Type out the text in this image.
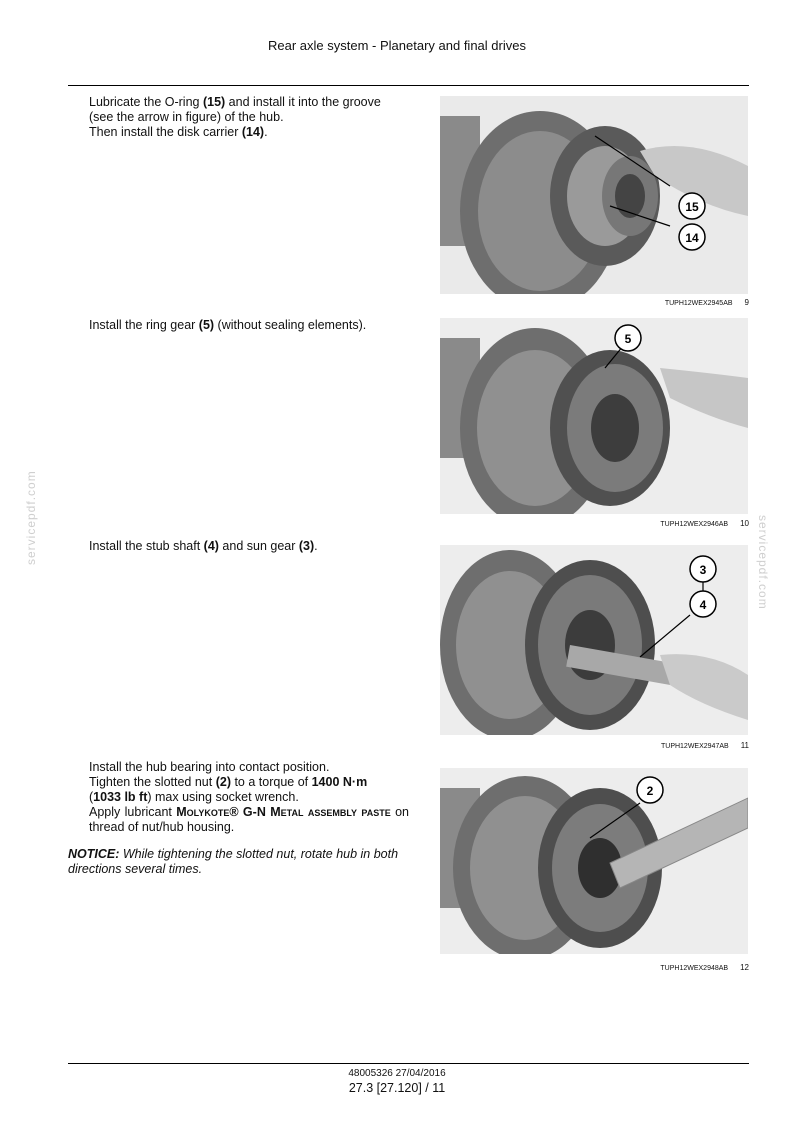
Rear axle system - Planetary and final drives

Lubricate the O-ring (15) and install it into the groove

(see the arrow in figure) of the hub.

Then install the disk carrier (14).

15
14
TUPH12WEX2945AB 9

Install the ring gear (5) (without sealing elements).

5
TUPH12WEX2946AB 10

Install the stub shaft (4) and sun gear (3).

3
4
TUPH12WEX2947AB 11

Install the hub bearing into contact position.

Tighten the slotted nut (2) to a torque of 1400 N·m

(1033 lb ft) max using socket wrench.

Apply lubricant Molykote® G-N Metal assembly paste on thread of nut/hub housing.

NOTICE: While tightening the slotted nut, rotate hub in both directions several times.
2
TUPH12WEX2948AB 12
48005326 27/04/2016
27.3 [27.120] / 11
servicepdf.com	servicepdf.com
